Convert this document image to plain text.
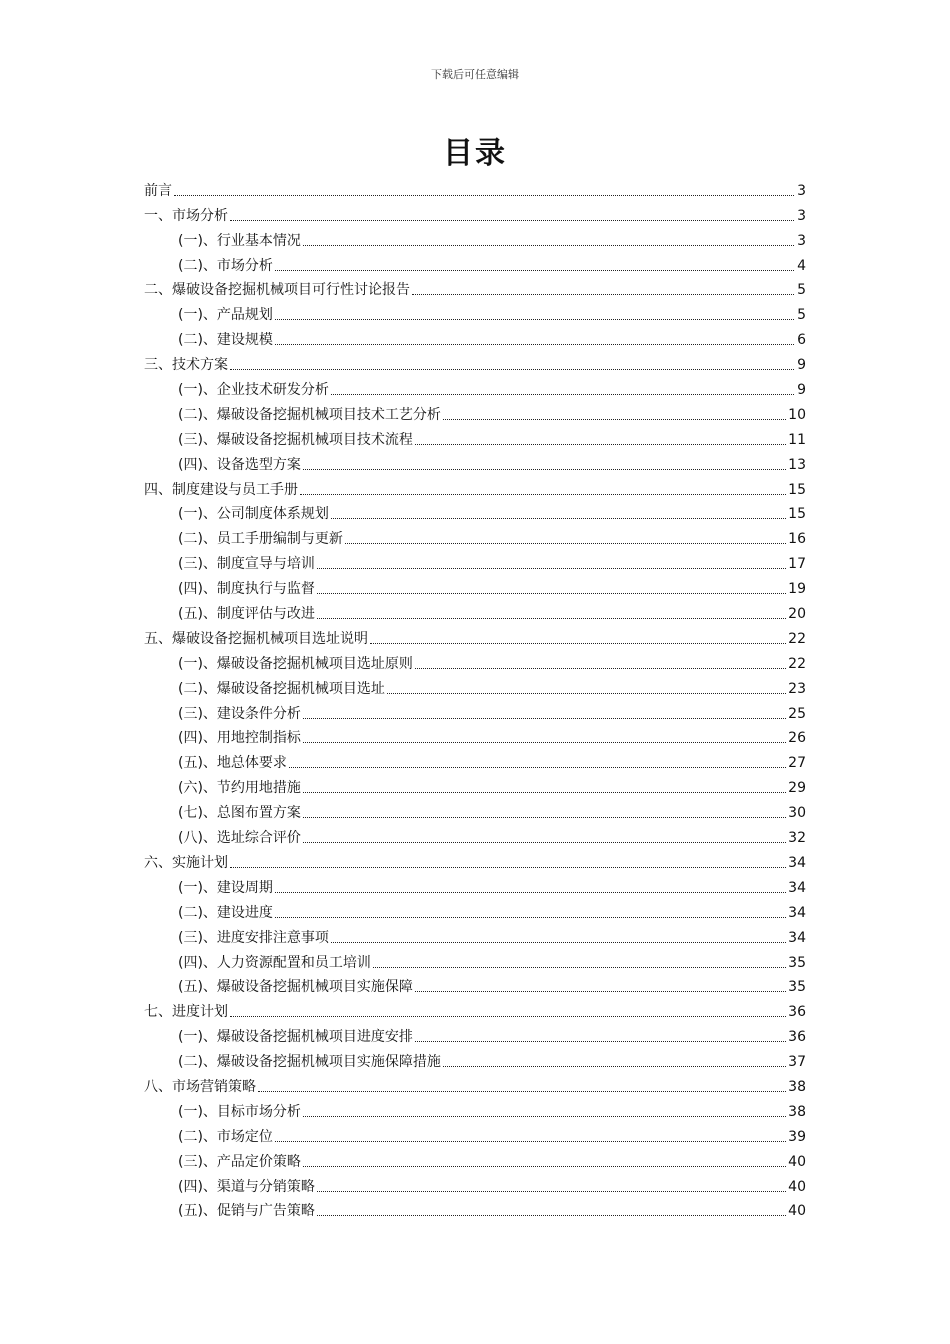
下载后可任意编辑
目录
前言	3
一、市场分析	3
(一)、行业基本情况	3
(二)、市场分析	4
二、爆破设备挖掘机械项目可行性讨论报告	5
(一)、产品规划	5
(二)、建设规模	6
三、技术方案	9
(一)、企业技术研发分析	9
(二)、爆破设备挖掘机械项目技术工艺分析	10
(三)、爆破设备挖掘机械项目技术流程	11
(四)、设备选型方案	13
四、制度建设与员工手册	15
(一)、公司制度体系规划	15
(二)、员工手册编制与更新	16
(三)、制度宣导与培训	17
(四)、制度执行与监督	19
(五)、制度评估与改进	20
五、爆破设备挖掘机械项目选址说明	22
(一)、爆破设备挖掘机械项目选址原则	22
(二)、爆破设备挖掘机械项目选址	23
(三)、建设条件分析	25
(四)、用地控制指标	26
(五)、地总体要求	27
(六)、节约用地措施	29
(七)、总图布置方案	30
(八)、选址综合评价	32
六、实施计划	34
(一)、建设周期	34
(二)、建设进度	34
(三)、进度安排注意事项	34
(四)、人力资源配置和员工培训	35
(五)、爆破设备挖掘机械项目实施保障	35
七、进度计划	36
(一)、爆破设备挖掘机械项目进度安排	36
(二)、爆破设备挖掘机械项目实施保障措施	37
八、市场营销策略	38
(一)、目标市场分析	38
(二)、市场定位	39
(三)、产品定价策略	40
(四)、渠道与分销策略	40
(五)、促销与广告策略	40
